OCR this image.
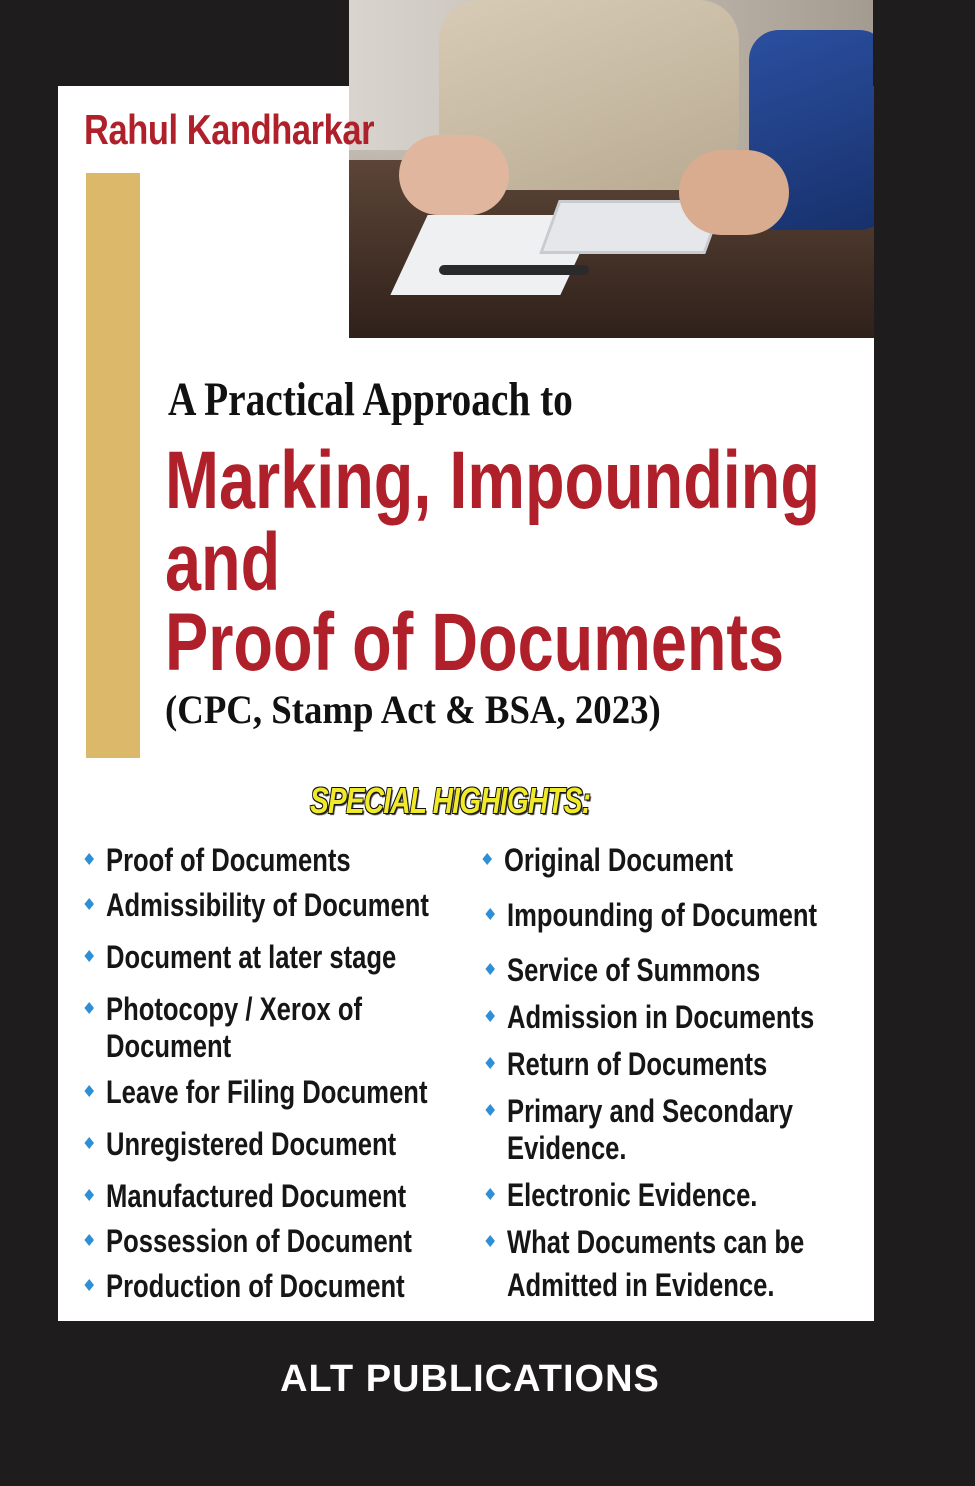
Rahul Kandharkar

A Practical Approach to

Marking, Impounding

and

Proof of Documents

(CPC, Stamp Act & BSA, 2023)

SPECIAL HIGHIGHTS:

Proof of Documents
Admissibility of Document
Document at later stage
Photocopy / Xerox of
Document
Leave for Filing Document
Unregistered Document
Manufactured Document
Possession of Document
Production of Document
Original Document
Impounding of Document
Service of Summons
Admission in Documents
Return of Documents
Primary and Secondary
Evidence.
Electronic Evidence.
What Documents can be
Admitted in Evidence.

ALT PUBLICATIONS
